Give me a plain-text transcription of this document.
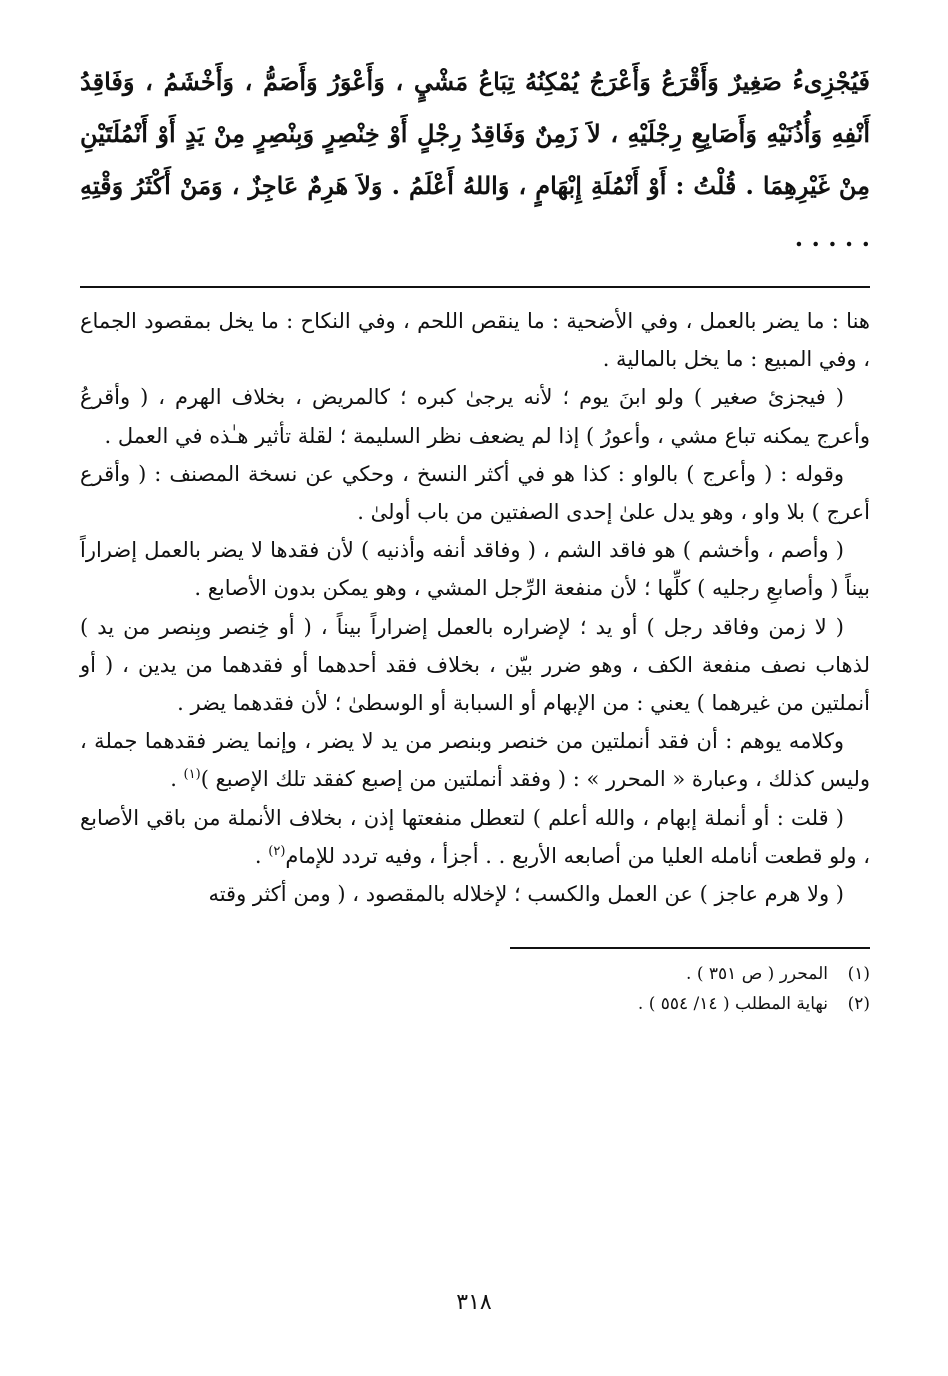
فَيُجْزِىءُ صَغِيرٌ وَأَقْرَعُ وَأَعْرَجُ يُمْكِنُهُ تِبَاعُ مَشْيٍ ، وَأَعْوَرُ وَأَصَمُّ ، وَأَخْشَمُ ، وَفَاقِدُ أَنْفِهِ وَأُذُنَيْهِ وَأَصَابِعِ رِجْلَيْهِ ، لاَ زَمِنٌ وَفَاقِدُ رِجْلٍ أَوْ خِنْصِرٍ وَبِنْصِرٍ مِنْ يَدٍ أَوْ أَنْمُلَتَيْنِ مِنْ غَيْرِهِمَا . قُلْتُ : أَوْ أَنْمُلَةِ إِبْهَامٍ ، وَاللهُ أَعْلَمُ . وَلاَ هَرِمٌ عَاجِزٌ ، وَمَنْ أَكْثَرُ وَقْتِهِ . . . . .

هنا : ما يضر بالعمل ، وفي الأضحية : ما ينقص اللحم ، وفي النكاح : ما يخل بمقصود الجماع ، وفي المبيع : ما يخل بالمالية .

( فيجزئ صغير ) ولو ابنَ يوم ؛ لأنه يرجىٰ كبره ؛ كالمريض ، بخلاف الهرم ، ( وأقرعُ وأعرج يمكنه تباع مشي ، وأعورُ ) إذا لم يضعف نظر السليمة ؛ لقلة تأثير هـٰذه في العمل .

وقوله : ( وأعرج ) بالواو : كذا هو في أكثر النسخ ، وحكي عن نسخة المصنف : ( وأقرع أعرج ) بلا واو ، وهو يدل علىٰ إحدى الصفتين من باب أولىٰ .

( وأصم ، وأخشم ) هو فاقد الشم ، ( وفاقد أنفه وأذنيه ) لأن فقدها لا يضر بالعمل إضراراً بيناً ( وأصابعِ رجليه ) كلِّها ؛ لأن منفعة الرِّجل المشي ، وهو يمكن بدون الأصابع .

( لا زمن وفاقد رجل ) أو يد ؛ لإضراره بالعمل إضراراً بيناً ، ( أو خِنصر وبِنصر من يد ) لذهاب نصف منفعة الكف ، وهو ضرر بيّن ، بخلاف فقد أحدهما أو فقدهما من يدين ، ( أو أنملتين من غيرهما ) يعني : من الإبهام أو السبابة أو الوسطىٰ ؛ لأن فقدهما يضر .

وكلامه يوهم : أن فقد أنملتين من خنصر وبنصر من يد لا يضر ، وإنما يضر فقدهما جملة ، وليس كذلك ، وعبارة « المحرر » : ( وفقد أنملتين من إصبع كفقد تلك الإصبع )$^{(١)}$ .

( قلت : أو أنملة إبهام ، والله أعلم ) لتعطل منفعتها إذن ، بخلاف الأنملة من باقي الأصابع ، ولو قطعت أنامله العليا من أصابعه الأربع . . أجزأ ، وفيه تردد للإمام$^{(٢)}$ .

( ولا هرم عاجز ) عن العمل والكسب ؛ لإخلاله بالمقصود ، ( ومن أكثر وقته

(١)المحرر ( ص ٣٥١ ) .
(٢)نهاية المطلب ( ١٤/ ٥٥٤ ) .
٣١٨
